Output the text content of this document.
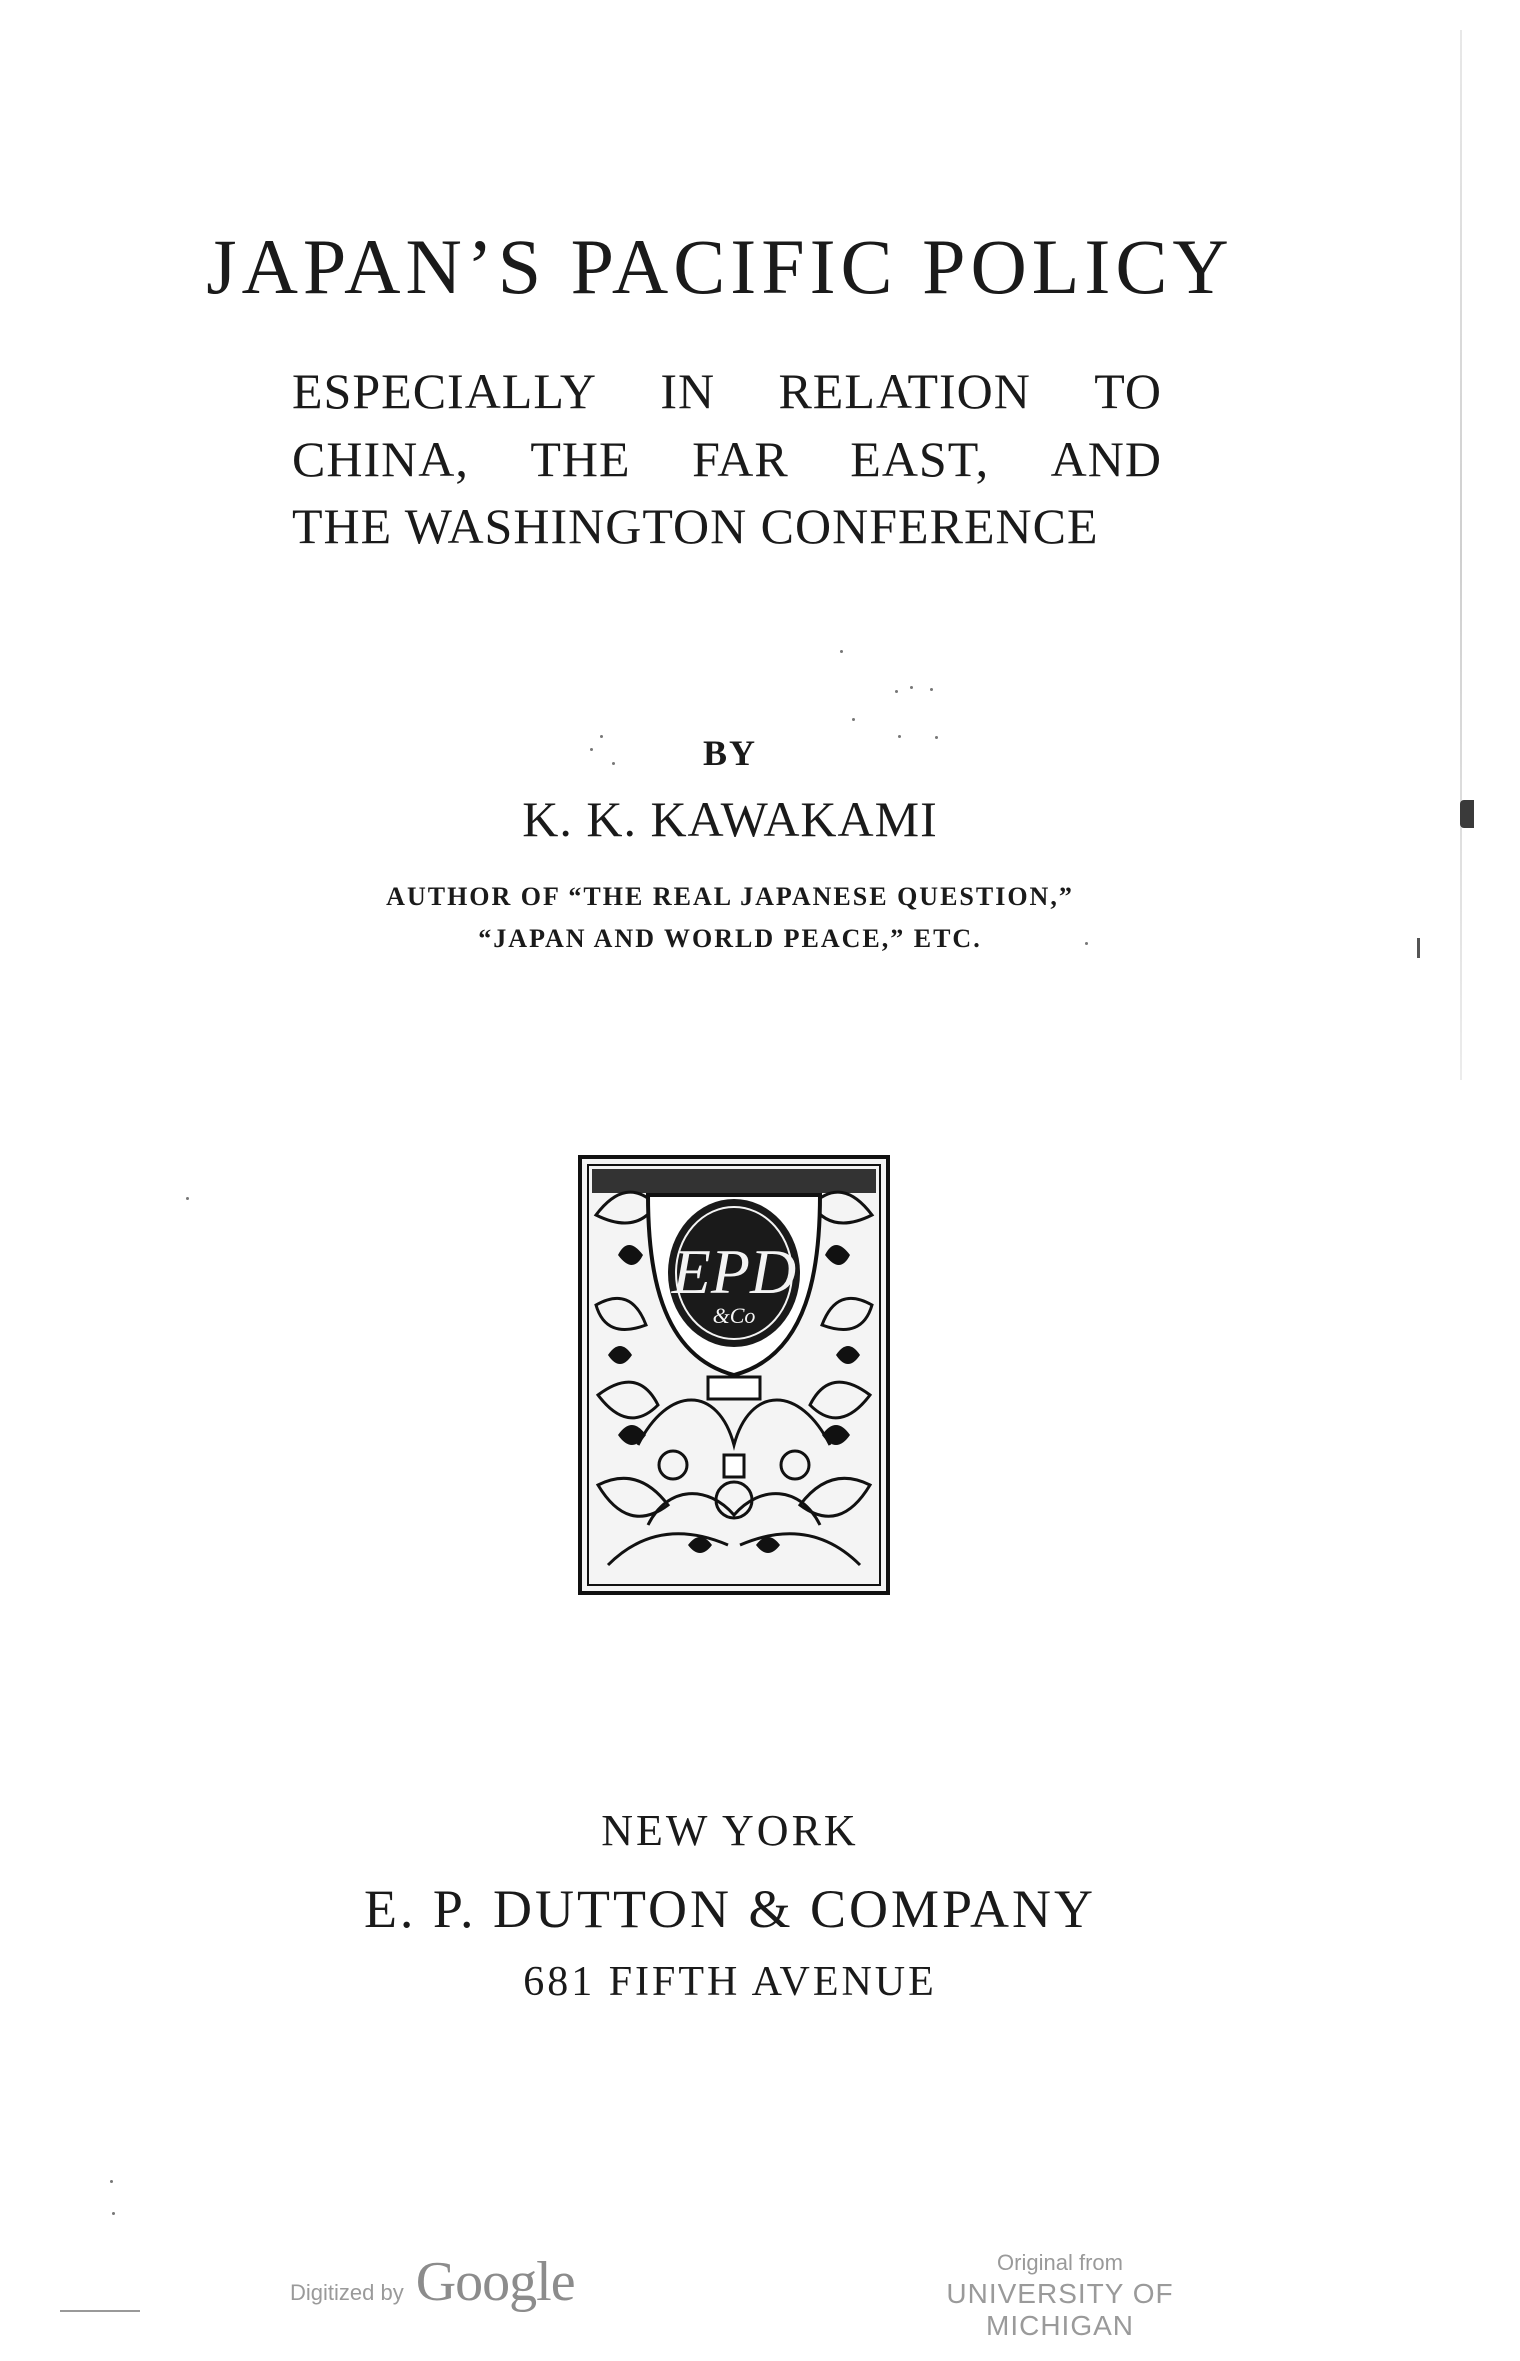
JAPAN’S PACIFIC POLICY
ESPECIALLY IN RELATION TO
CHINA, THE FAR EAST, AND
THE WASHINGTON CONFERENCE
BY
K. K. KAWAKAMI
AUTHOR OF “THE REAL JAPANESE QUESTION,”
“JAPAN AND WORLD PEACE,” ETC.
EPD
&Co
NEW YORK
E. P. DUTTON & COMPANY
681 FIFTH AVENUE
Digitized by Google	Original from
UNIVERSITY OF MICHIGAN
